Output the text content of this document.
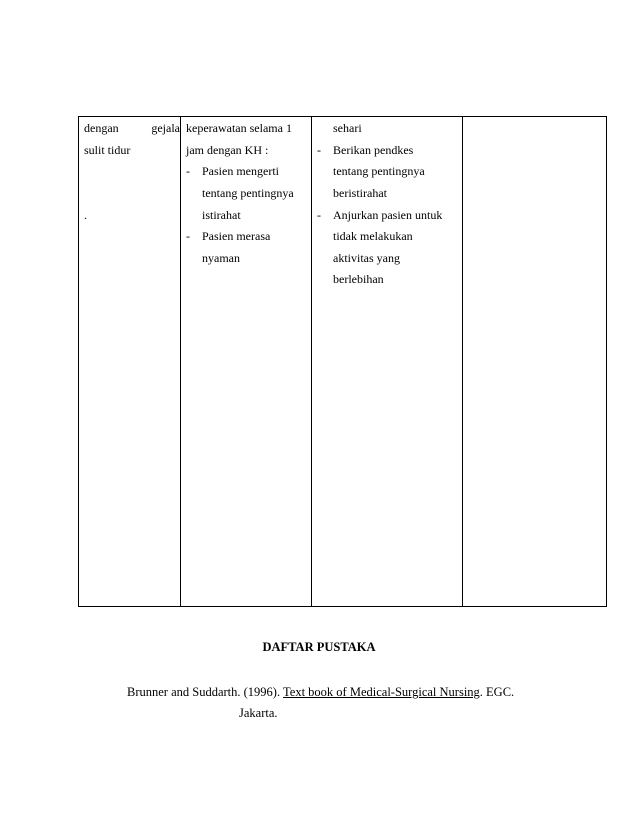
dengan	gejala
sulit tidur
.
keperawatan selama 1
jam dengan KH :
- Pasien mengerti
tentang pentingnya
istirahat
- Pasien merasa
nyaman
sehari
- Berikan pendkes
tentang pentingnya
beristirahat
- Anjurkan pasien untuk
tidak melakukan
aktivitas yang
berlebihan
DAFTAR PUSTAKA
Brunner and Suddarth. (1996). Text book of Medical-Surgical Nursing. EGC.
Jakarta.
